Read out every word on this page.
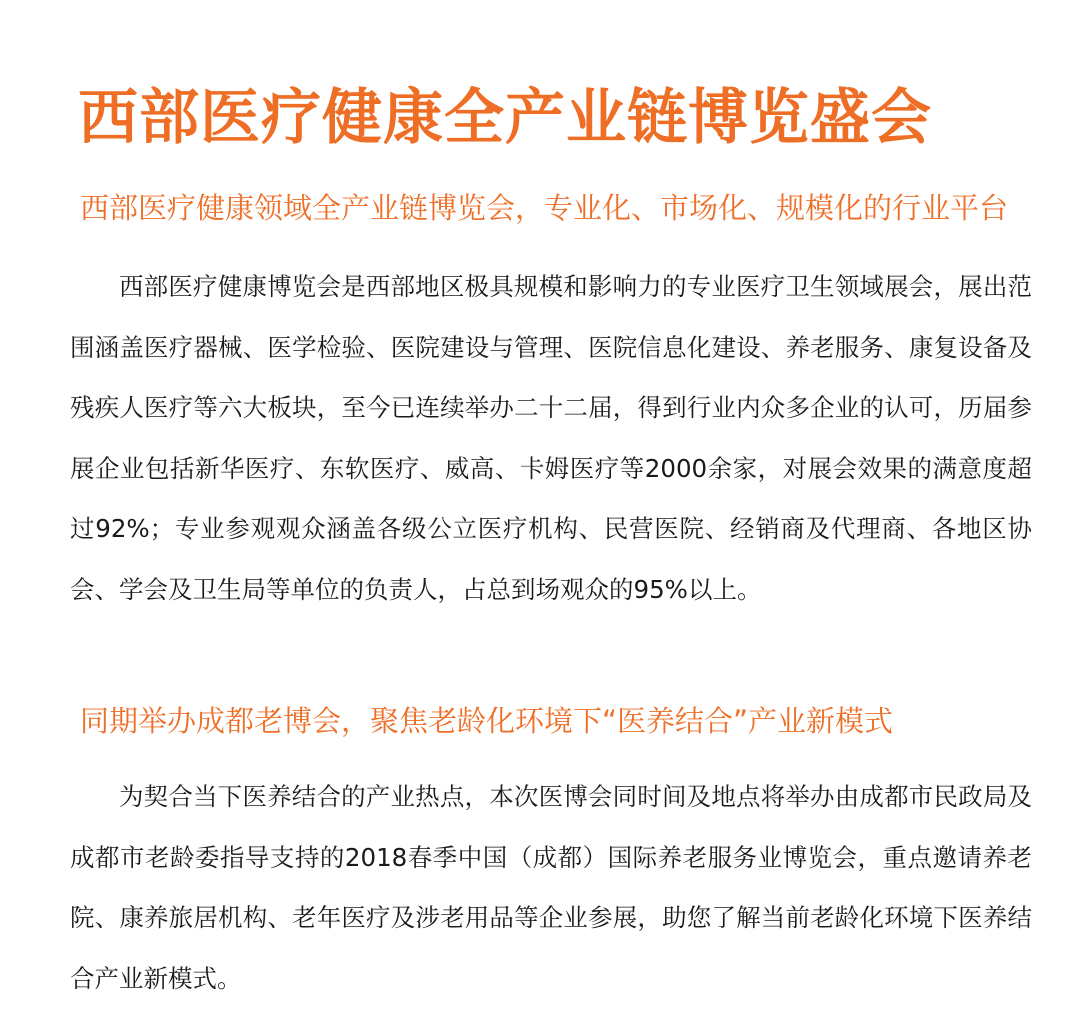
西部医疗健康全产业链博览盛会
西部医疗健康领域全产业链博览会，专业化、市场化、规模化的行业平台

西部医疗健康博览会是西部地区极具规模和影响力的专业医疗卫生领域展会，展出范围涵盖医疗器械、医学检验、医院建设与管理、医院信息化建设、养老服务、康复设备及残疾人医疗等六大板块，至今已连续举办二十二届，得到行业内众多企业的认可，历届参展企业包括新华医疗、东软医疗、威高、卡姆医疗等2000余家，对展会效果的满意度超过92%；专业参观观众涵盖各级公立医疗机构、民营医院、经销商及代理商、各地区协会、学会及卫生局等单位的负责人，占总到场观众的95%以上。

同期举办成都老博会，聚焦老龄化环境下“医养结合”产业新模式

为契合当下医养结合的产业热点，本次医博会同时间及地点将举办由成都市民政局及成都市老龄委指导支持的2018春季中国（成都）国际养老服务业博览会，重点邀请养老院、康养旅居机构、老年医疗及涉老用品等企业参展，助您了解当前老龄化环境下医养结合产业新模式。
